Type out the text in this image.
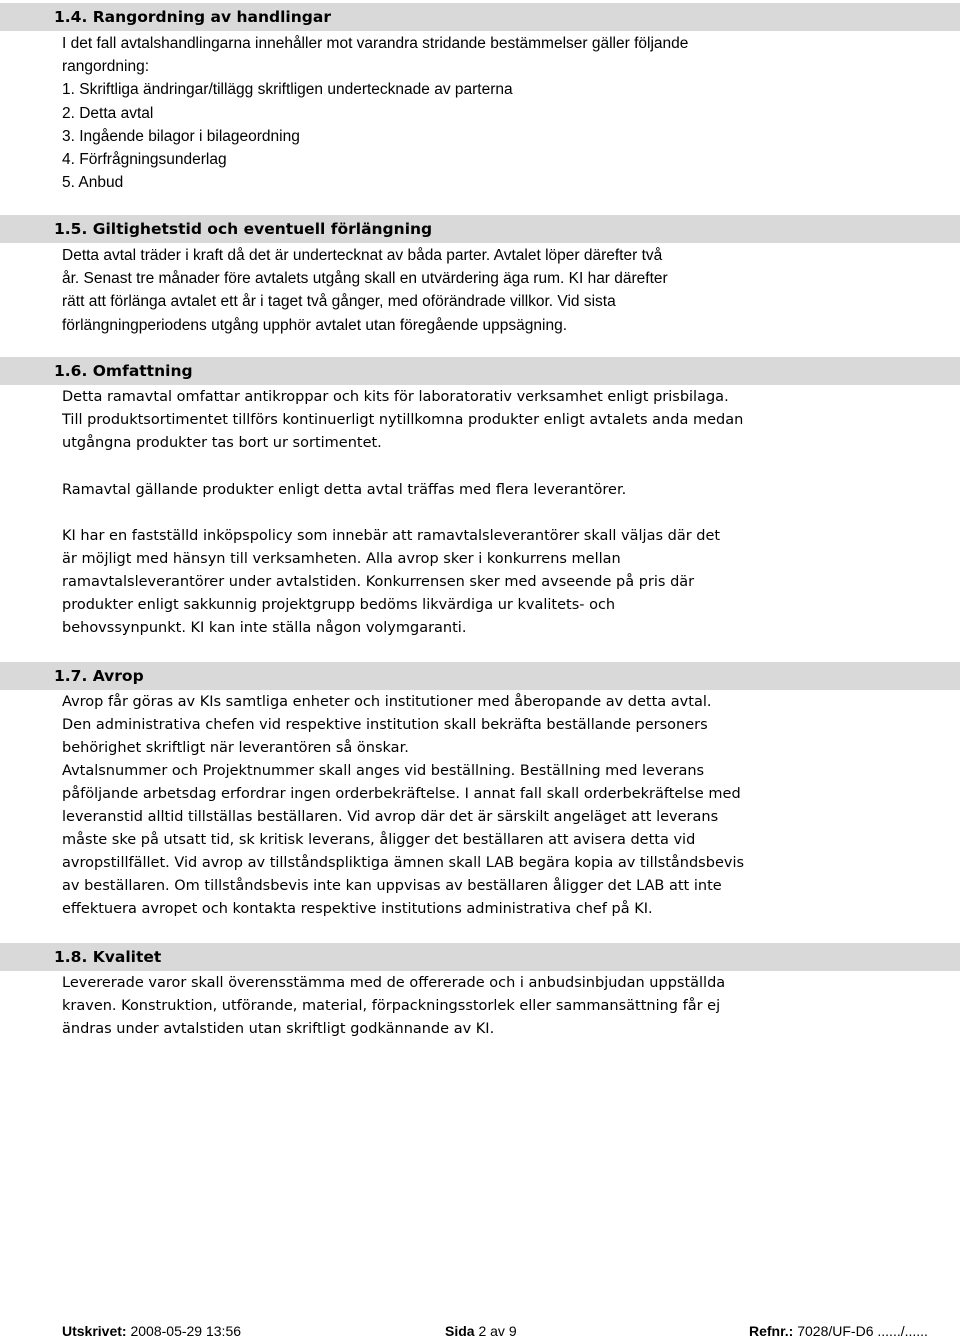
1.4. Rangordning av handlingar
I det fall avtalshandlingarna innehåller mot varandra stridande bestämmelser gäller följande
rangordning:
1. Skriftliga ändringar/tillägg skriftligen undertecknade av parterna
2. Detta avtal
3. Ingående bilagor i bilageordning
4. Förfrågningsunderlag
5. Anbud
1.5. Giltighetstid och eventuell förlängning
Detta avtal träder i kraft då det är undertecknat av båda parter. Avtalet löper därefter två
år. Senast tre månader före avtalets utgång skall en utvärdering äga rum. KI har därefter
rätt att förlänga avtalet ett år i taget två gånger, med oförändrade villkor. Vid sista
förlängningperiodens utgång upphör avtalet utan föregående uppsägning.
1.6. Omfattning
Detta ramavtal omfattar antikroppar och kits för laboratorativ verksamhet enligt prisbilaga.
Till produktsortimentet tillförs kontinuerligt nytillkomna produkter enligt avtalets anda medan
utgångna produkter tas bort ur sortimentet.
Ramavtal gällande produkter enligt detta avtal träffas med flera leverantörer.
KI har en fastställd inköpspolicy som innebär att ramavtalsleverantörer skall väljas där det
är möjligt med hänsyn till verksamheten. Alla avrop sker i konkurrens mellan
ramavtalsleverantörer under avtalstiden. Konkurrensen sker med avseende på pris där
produkter enligt sakkunnig projektgrupp bedöms likvärdiga ur kvalitets- och
behovssynpunkt. KI kan inte ställa någon volymgaranti.
1.7. Avrop
Avrop får göras av KIs samtliga enheter och institutioner med åberopande av detta avtal.
Den administrativa chefen vid respektive institution skall bekräfta beställande personers
behörighet skriftligt när leverantören så önskar.
Avtalsnummer och Projektnummer skall anges vid beställning. Beställning med leverans
påföljande arbetsdag erfordrar ingen orderbekräftelse. I annat fall skall orderbekräftelse med
leveranstid alltid tillställas beställaren. Vid avrop där det är särskilt angeläget att leverans
måste ske på utsatt tid, sk kritisk leverans, åligger det beställaren att avisera detta vid
avropstillfället. Vid avrop av tillståndspliktiga ämnen skall LAB begära kopia av tillståndsbevis
av beställaren. Om tillståndsbevis inte kan uppvisas av beställaren åligger det LAB att inte
effektuera avropet och kontakta respektive institutions administrativa chef på KI.
1.8. Kvalitet
Levererade varor skall överensstämma med de offererade och i anbudsinbjudan uppställda
kraven. Konstruktion, utförande, material, förpackningsstorlek eller sammansättning får ej
ändras under avtalstiden utan skriftligt godkännande av KI.
Utskrivet: 2008-05-29 13:56	Sida 2 av 9	Refnr.: 7028/UF-D6 ....../......
